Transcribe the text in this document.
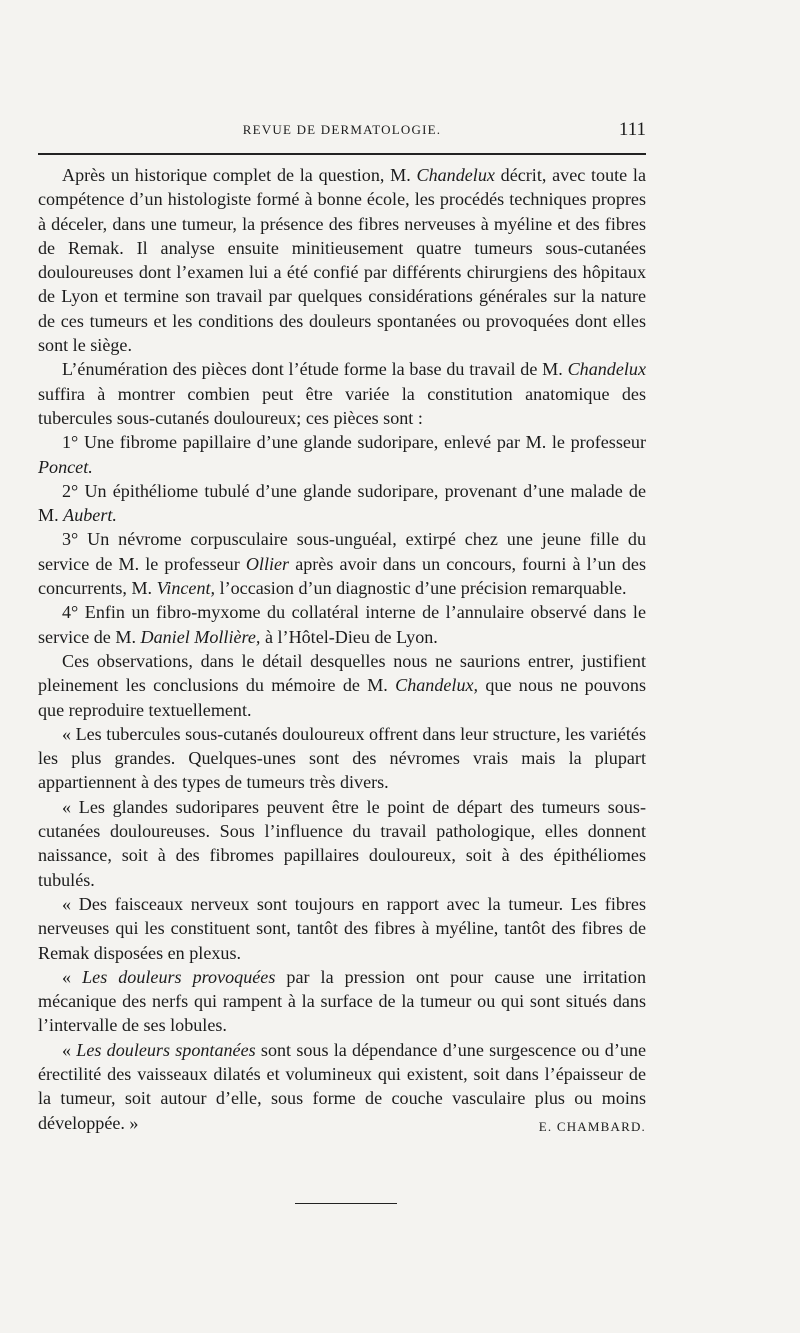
REVUE DE DERMATOLOGIE.	111

Après un historique complet de la question, M. Chandelux décrit, avec toute la compétence d’un histologiste formé à bonne école, les procédés techniques propres à déceler, dans une tumeur, la présence des fibres nerveuses à myéline et des fibres de Remak. Il analyse ensuite minitieusement quatre tumeurs sous-cutanées douloureuses dont l’examen lui a été confié par différents chirurgiens des hôpitaux de Lyon et termine son travail par quelques considérations générales sur la nature de ces tumeurs et les conditions des douleurs spontanées ou provoquées dont elles sont le siège.

L’énumération des pièces dont l’étude forme la base du travail de M. Chandelux suffira à montrer combien peut être variée la constitution anatomique des tubercules sous-cutanés douloureux; ces pièces sont :

1° Une fibrome papillaire d’une glande sudoripare, enlevé par M. le professeur Poncet.

2° Un épithéliome tubulé d’une glande sudoripare, provenant d’une malade de M. Aubert.

3° Un névrome corpusculaire sous-unguéal, extirpé chez une jeune fille du service de M. le professeur Ollier après avoir dans un concours, fourni à l’un des concurrents, M. Vincent, l’occasion d’un diagnostic d’une précision remarquable.

4° Enfin un fibro-myxome du collatéral interne de l’annulaire observé dans le service de M. Daniel Mollière, à l’Hôtel-Dieu de Lyon.

Ces observations, dans le détail desquelles nous ne saurions entrer, justifient pleinement les conclusions du mémoire de M. Chandelux, que nous ne pouvons que reproduire textuellement.

« Les tubercules sous-cutanés douloureux offrent dans leur structure, les variétés les plus grandes. Quelques-unes sont des névromes vrais mais la plupart appartiennent à des types de tumeurs très divers.

« Les glandes sudoripares peuvent être le point de départ des tumeurs sous-cutanées douloureuses. Sous l’influence du travail pathologique, elles donnent naissance, soit à des fibromes papillaires douloureux, soit à des épithéliomes tubulés.

« Des faisceaux nerveux sont toujours en rapport avec la tumeur. Les fibres nerveuses qui les constituent sont, tantôt des fibres à myéline, tantôt des fibres de Remak disposées en plexus.

« Les douleurs provoquées par la pression ont pour cause une irritation mécanique des nerfs qui rampent à la surface de la tumeur ou qui sont situés dans l’intervalle de ses lobules.

« Les douleurs spontanées sont sous la dépendance d’une surgescence ou d’une érectilité des vaisseaux dilatés et volumineux qui existent, soit dans l’épaisseur de la tumeur, soit autour d’elle, sous forme de couche vasculaire plus ou moins développée. »	E. CHAMBARD.
